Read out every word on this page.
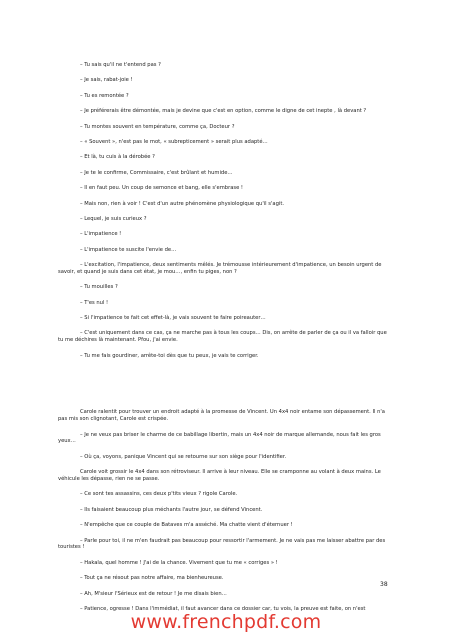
– Tu sais qu'il ne t'entend pas ?

– Je sais, rabat-joie !

– Tu es remontée ?

– Je préférerais être démontée, mais je devine que c'est en option, comme le digne de cet inepte , là devant ?

– Tu montes souvent en température, comme ça, Docteur ?

– « Souvent », n'est pas le mot, « subrepticement » serait plus adapté…

– Et là, tu cuis à la dérobée ?

– Je te le confirme, Commissaire, c'est brûlant et humide…

– Il en faut peu. Un coup de semonce et bang, elle s'embrase !

– Mais non, rien à voir ! C'est d'un autre phénomène physiologique qu'il s'agit.

– Lequel, je suis curieux ?

– L'impatience !

– L'impatience te suscite l'envie de…

– L'excitation, l'impatience, deux sentiments mêlés. Je trémousse intérieurement d'impatience, un besoin urgent de savoir, et quand je suis dans cet état, je mou…, enfin tu piges, non ?

– Tu mouilles ?

– T'es nul !

– Si l'impatience te fait cet effet-là, je vais souvent te faire poireauter…

– C'est uniquement dans ce cas, ça ne marche pas à tous les coups… Dis, on arrête de parler de ça ou il va falloir que tu me déchires là maintenant. Pfou, j'ai envie.

– Tu me fais gourdiner, arrête-toi dès que tu peux, je vais te corriger.

Carole ralentit pour trouver un endroit adapté à la promesse de Vincent. Un 4x4 noir entame son dépassement. Il n'a pas mis son clignotant, Carole est crispée.

– Je ne veux pas briser le charme de ce babillage libertin, mais un 4x4 noir de marque allemande, nous fait les gros yeux…

– Où ça, voyons, panique Vincent qui se retourne sur son siège pour l'identifier.

Carole voit grossir le 4x4 dans son rétroviseur. Il arrive à leur niveau. Elle se cramponne au volant à deux mains. Le véhicule les dépasse, rien ne se passe.

– Ce sont tes assassins, ces deux p'tits vieux ? rigole Carole.

– Ils faisaient beaucoup plus méchants l'autre jour, se défend Vincent.

– N'empêche que ce couple de Bataves m'a asséché. Ma chatte vient d'éternuer !

– Parle pour toi, il ne m'en faudrait pas beaucoup pour ressortir l'armement. Je ne vais pas me laisser abattre par des touristes !

– Hakala, quel homme ! J'ai de la chance. Vivement que tu me « corriges » !

– Tout ça ne résout pas notre affaire, ma bienheureuse.

– Ah, M'sieur l'Sérieux est de retour ! Je me disais bien…

– Patience, ogresse ! Dans l'immédiat, il faut avancer dans ce dossier car, tu vois, la preuve est faite, on n'est

38
www.frenchpdf.com
